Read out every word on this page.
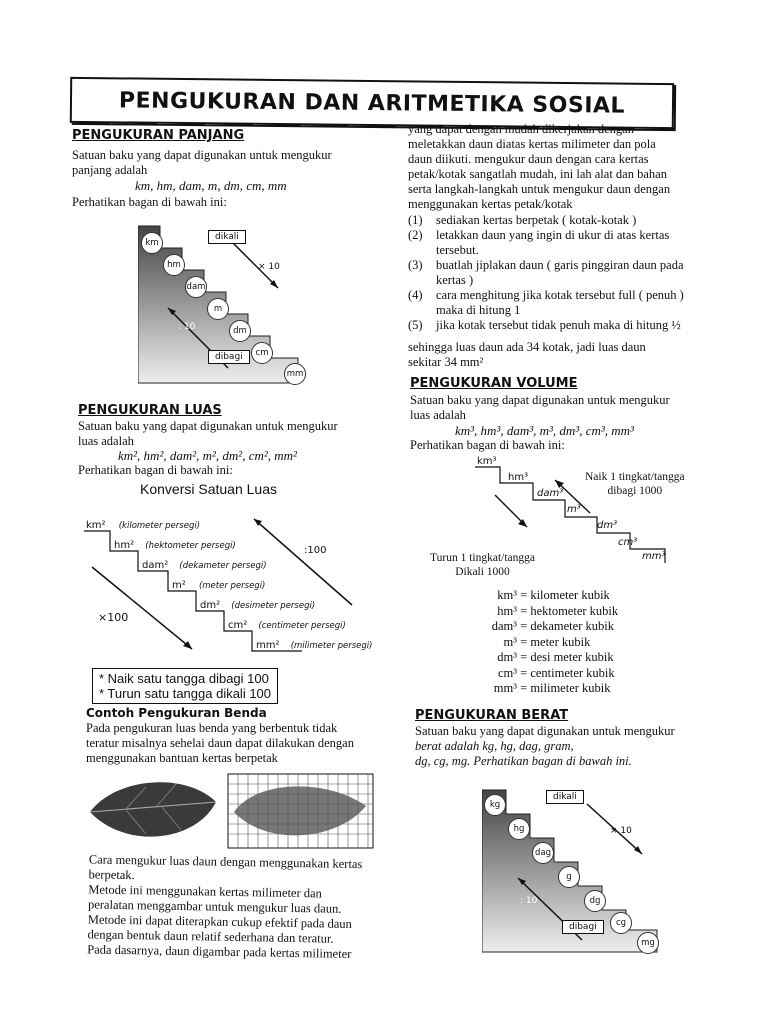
PENGUKURAN DAN ARITMETIKA SOSIAL
PENGUKURAN PANJANG
Satuan baku yang dapat digunakan untuk mengukur
panjang adalah
km, hm, dam, m, dm, cm, mm
Perhatikan bagan di bawah ini:
km
hm
dam
m
dm
cm
mm
dikali
× 10
: 10
dibagi
PENGUKURAN LUAS
Satuan baku yang dapat digunakan untuk mengukur
luas adalah
km², hm², dam², m², dm², cm², mm²
Perhatikan bagan di bawah ini:
Konversi Satuan Luas
km² (kilometer persegi)
hm² (hektometer persegi)
dam² (dekameter persegi)
m² (meter persegi)
dm² (desimeter persegi)
cm² (centimeter persegi)
mm² (milimeter persegi)
:100
×100
* Naik satu tangga dibagi 100
* Turun satu tangga dikali 100
Contoh Pengukuran Benda
Pada pengukuran luas benda yang berbentuk tidak
teratur misalnya sehelai daun dapat dilakukan dengan
menggunakan bantuan kertas berpetak
Cara mengukur luas daun dengan menggunakan kertas
berpetak.
Metode ini menggunakan kertas milimeter dan
peralatan menggambar untuk mengukur luas daun.
Metode ini dapat diterapkan cukup efektif pada daun
dengan bentuk daun relatif sederhana dan teratur.
Pada dasarnya, daun digambar pada kertas milimeter
yang dapat dengan mudah dikerjakan dengan
meletakkan daun diatas kertas milimeter dan pola
daun diikuti. mengukur daun dengan cara kertas
petak/kotak sangatlah mudah, ini lah alat dan bahan
serta langkah-langkah untuk mengukur daun dengan
menggunakan kertas petak/kotak
(1)	sediakan kertas berpetak ( kotak-kotak )
(2)	letakkan daun yang ingin di ukur di atas kertas
tersebut.
(3)	buatlah jiplakan daun ( garis pinggiran daun pada
kertas )
(4)	cara menghitung jika kotak tersebut full ( penuh )
maka di hitung 1
(5)	jika kotak tersebut tidak penuh maka di hitung ½
sehingga luas daun ada 34 kotak, jadi luas daun
sekitar 34 mm²
PENGUKURAN VOLUME
Satuan baku yang dapat digunakan untuk mengukur
luas adalah
km³, hm³, dam³, m³, dm³, cm³, mm³
Perhatikan bagan di bawah ini:
km³
hm³
dam³
m³
dm³
cm³
mm³
Naik 1 tingkat/tangga
dibagi 1000
Turun 1 tingkat/tangga
Dikali 1000
km³ = kilometer kubik
hm³ = hektometer kubik
dam³ = dekameter kubik
m³ = meter kubik
dm³ = desi meter kubik
cm³ = centimeter kubik
mm³ = milimeter kubik
PENGUKURAN BERAT
Satuan baku yang dapat digunakan untuk mengukur
berat adalah kg, hg, dag, gram,
dg, cg, mg. Perhatikan bagan di bawah ini.
kg
hg
dag
g
dg
cg
mg
dikali
× 10
: 10
dibagi
